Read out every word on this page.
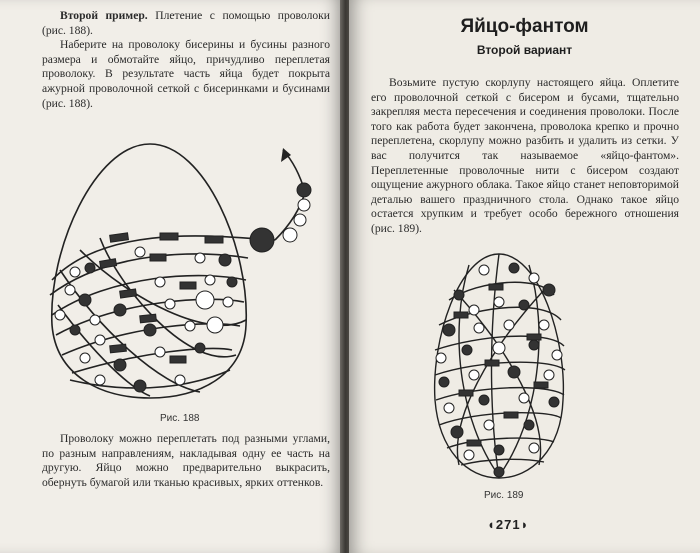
Второй пример. Плетение с помощью проволоки (рис. 188).

Наберите на проволоку бисерины и бусины разного размера и обмотайте яйцо, причудливо переплетая проволоку. В результате часть яйца будет покрыта ажурной проволочной сеткой с бисеринками и бусинами (рис. 188).

Рис. 188

Проволоку можно переплетать под разными углами, по разным направлениям, накладывая одну ее часть на другую. Яйцо можно предварительно выкрасить, обернуть бумагой или тканью красивых, ярких оттенков.

Яйцо-фантом
Второй вариант

Возьмите пустую скорлупу настоящего яйца. Оплетите его проволочной сеткой с бисером и бусами, тщательно закрепляя места пересечения и соединения проволоки. После того как работа будет закончена, проволока крепко и прочно переплетена, скорлупу можно разбить и удалить из сетки. У вас получится так называемое «яйцо-фантом». Переплетенные проволочные нити с бисером создают ощущение ажурного облака. Такое яйцо станет неповторимой деталью вашего праздничного стола. Однако такое яйцо остается хрупким и требует особо бережного отношения (рис. 189).

Рис. 189
◖271◗
